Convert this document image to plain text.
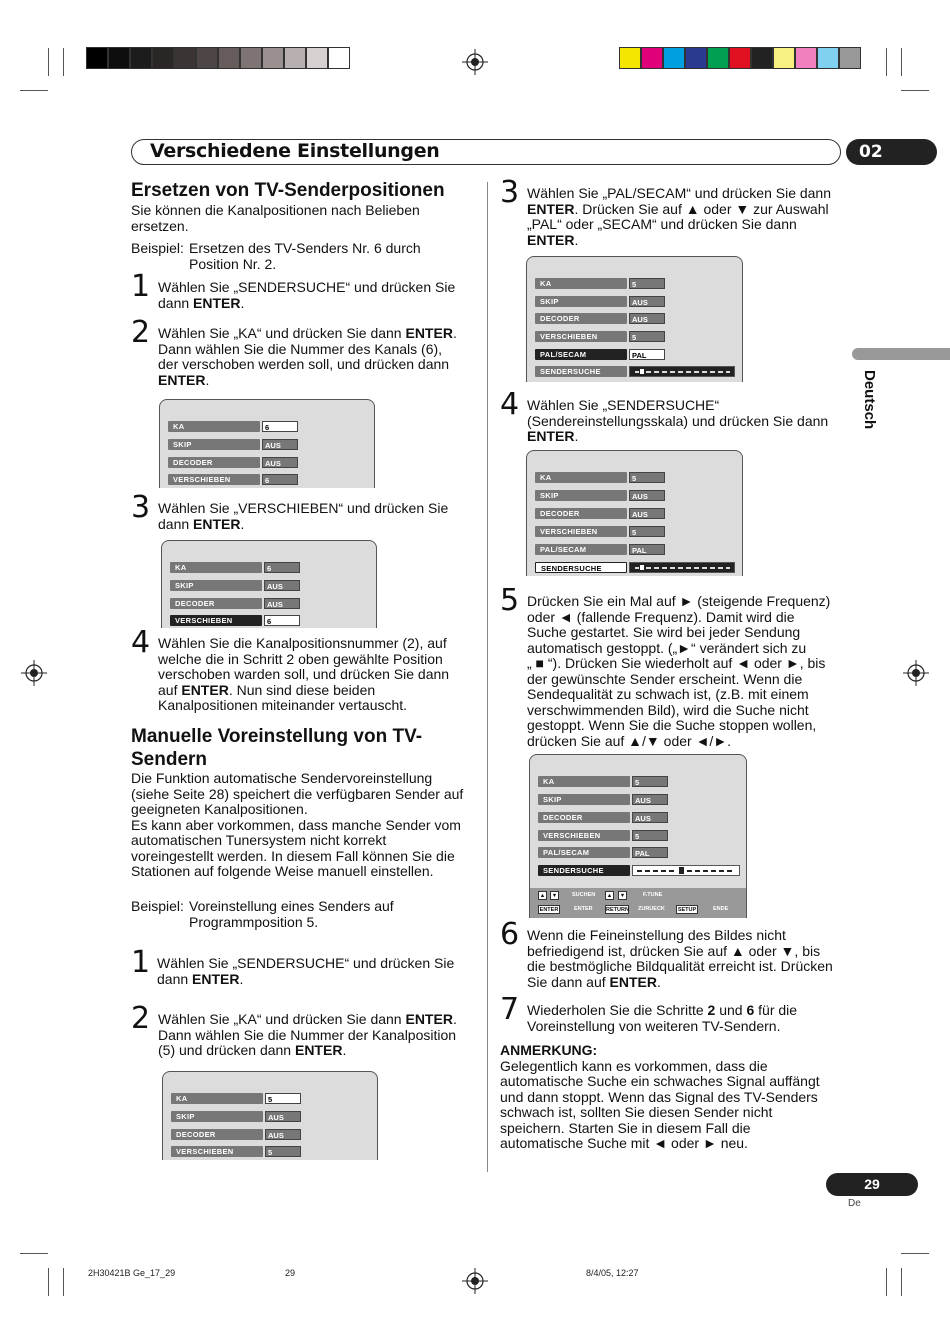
Verschiedene Einstellungen	02
Deutsch
Ersetzen von TV-Senderpositionen
Sie können die Kanalpositionen nach Belieben ersetzen.
Beispiel: Ersetzen des TV-Senders Nr. 6 durch
Position Nr. 2.
1 Wählen Sie „SENDERSUCHE“ und drücken Sie
dann ENTER.
2 Wählen Sie „KA“ und drücken Sie dann ENTER.
Dann wählen Sie die Nummer des Kanals (6),
der verschoben werden soll, und drücken dann
ENTER.
KA	6
SKIP	AUS
DECODER	AUS
VERSCHIEBEN	6
3 Wählen Sie „VERSCHIEBEN“ und drücken Sie
dann ENTER.
KA	6
SKIP	AUS
DECODER	AUS
VERSCHIEBEN	6
4 Wählen Sie die Kanalpositionsnummer (2), auf
welche die in Schritt 2 oben gewählte Position
verschoben warden soll, und drücken Sie dann
auf ENTER. Nun sind diese beiden
Kanalpositionen miteinander vertauscht.
Manuelle Voreinstellung von TV-
Sendern
Die Funktion automatische Sendervoreinstellung
(siehe Seite 28) speichert die verfügbaren Sender auf
geeigneten Kanalpositionen.
Es kann aber vorkommen, dass manche Sender vom
automatischen Tunersystem nicht korrekt
voreingestellt werden. In diesem Fall können Sie die
Stationen auf folgende Weise manuell einstellen.
Beispiel: Voreinstellung eines Senders auf
Programmposition 5.
1 Wählen Sie „SENDERSUCHE“ und drücken Sie
dann ENTER.
2 Wählen Sie „KA“ und drücken Sie dann ENTER.
Dann wählen Sie die Nummer der Kanalposition
(5) und drücken dann ENTER.
KA	5
SKIP	AUS
DECODER	AUS
VERSCHIEBEN	5
3 Wählen Sie „PAL/SECAM“ und drücken Sie dann
ENTER. Drücken Sie auf ▲ oder ▼ zur Auswahl
„PAL“ oder „SECAM“ und drücken Sie dann
ENTER.
KA	5
SKIP	AUS
DECODER	AUS
VERSCHIEBEN	5
PAL/SECAM	PAL
SENDERSUCHE
4 Wählen Sie „SENDERSUCHE“
(Sendereinstellungsskala) und drücken Sie dann
ENTER.
KA	5
SKIP	AUS
DECODER	AUS
VERSCHIEBEN	5
PAL/SECAM	PAL
SENDERSUCHE
5 Drücken Sie ein Mal auf ► (steigende Frequenz)
oder ◄ (fallende Frequenz). Damit wird die
Suche gestartet. Sie wird bei jeder Sendung
automatisch gestoppt. („►“ verändert sich zu
„ ■ “). Drücken Sie wiederholt auf ◄ oder ►, bis
der gewünschte Sender erscheint. Wenn die
Sendequalität zu schwach ist, (z.B. mit einem
verschwimmenden Bild), wird die Suche nicht
gestoppt. Wenn Sie die Suche stoppen wollen,
drücken Sie auf ▲/▼ oder ◄/►.
KA	5
SKIP	AUS
DECODER	AUS
VERSCHIEBEN	5
PAL/SECAM	PAL
SENDERSUCHE
▲	▼	SUCHEN	▲	▼	F.TUNE
ENTER	ENTER RETURN ZURUECK	SETUP	ENDE
6 Wenn die Feineinstellung des Bildes nicht
befriedigend ist, drücken Sie auf ▲ oder ▼, bis
die bestmögliche Bildqualität erreicht ist. Drücken
Sie dann auf ENTER.
7 Wiederholen Sie die Schritte 2 und 6 für die
Voreinstellung von weiteren TV-Sendern.
ANMERKUNG:
Gelegentlich kann es vorkommen, dass die
automatische Suche ein schwaches Signal auffängt
und dann stoppt. Wenn das Signal des TV-Senders
schwach ist, sollten Sie diesen Sender nicht
speichern. Starten Sie in diesem Fall die
automatische Suche mit ◄ oder ► neu.
29
De
2H30421B Ge_17_29	29	8/4/05, 12:27
